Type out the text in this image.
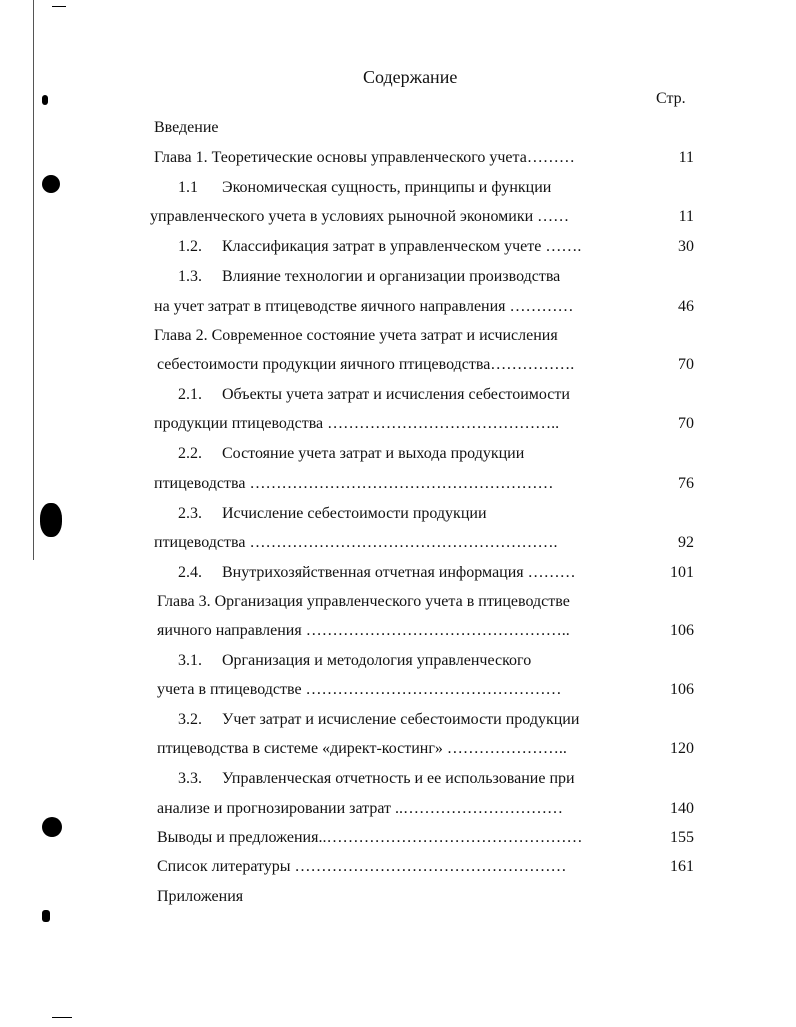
Содержание
Стр.
Введение
Глава 1. Теоретические основы управленческого учета………	11
1.1 Экономическая сущность, принципы и функции
управленческого учета в условиях рыночной экономики ……	11
1.2. Классификация затрат в управленческом учете …….	30
1.3. Влияние технологии и организации производства
на учет затрат в птицеводстве яичного направления …………	46
Глава 2. Современное состояние учета затрат и исчисления
себестоимости продукции яичного птицеводства…………….	70
2.1. Объекты учета затрат и исчисления себестоимости
продукции птицеводства ……………………………………..	70
2.2. Состояние учета затрат и выхода продукции
птицеводства …………………………………………………	76
2.3. Исчисление себестоимости продукции
птицеводства ………………………………………………….	92
2.4. Внутрихозяйственная отчетная информация ………	101
Глава 3. Организация управленческого учета в птицеводстве
яичного направления …………………………………………..	106
3.1. Организация и методология управленческого
учета в птицеводстве …………………………………………	106
3.2. Учет затрат и исчисление себестоимости продукции
птицеводства в системе «директ-костинг» …………………..	120
3.3. Управленческая отчетность и ее использование при
анализе и прогнозировании затрат ..…………………………	140
Выводы и предложения..…………………………………………	155
Список литературы ……………………………………………	161
Приложения
